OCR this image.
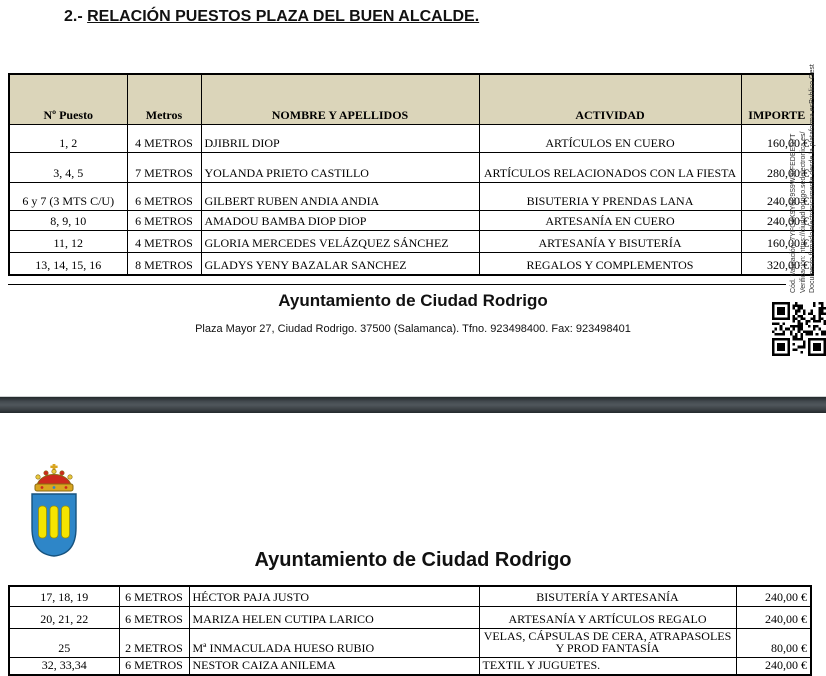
2.- RELACIÓN PUESTOS PLAZA DEL BUEN ALCALDE.
Nº Puesto	Metros	NOMBRE Y APELLIDOS	ACTIVIDAD	IMPORTE
1, 2	4 METROS	DJIBRIL DIOP	ARTÍCULOS EN CUERO	160,00 €
3, 4, 5	7 METROS	YOLANDA PRIETO CASTILLO	ARTÍCULOS RELACIONADOS CON LA FIESTA	280,00 €
6 y 7 (3 MTS C/U)	6 METROS	GILBERT RUBEN ANDIA ANDIA	BISUTERIA Y PRENDAS LANA	240,00 €
8, 9, 10	6 METROS	AMADOU BAMBA DIOP DIOP	ARTESANÍA EN CUERO	240,00 €
11, 12	4 METROS	GLORIA MERCEDES VELÁZQUEZ SÁNCHEZ	ARTESANÍA Y BISUTERÍA	160,00 €
13, 14, 15, 16	8 METROS	GLADYS YENY BAZALAR SANCHEZ	REGALOS Y COMPLEMENTOS	320,00 €
Ayuntamiento de Ciudad Rodrigo
Plaza Mayor 27, Ciudad Rodrigo. 37500 (Salamanca). Tfno. 923498400. Fax: 923498401
Cód. Validación: 7YFC4K9Y6C9S9WJ9FEDEER7T Verificación: https://ciudadrodrigo.sedelectronica.es/ Documento firmado electrónicamente desde la plataforma esPublico Gest
Ayuntamiento de Ciudad Rodrigo
17, 18, 19	6 METROS	HÉCTOR PAJA JUSTO	BISUTERÍA Y ARTESANÍA	240,00 €
20, 21, 22	6 METROS	MARIZA HELEN CUTIPA LARICO	ARTESANÍA Y ARTÍCULOS REGALO	240,00 €
25	2 METROS	Mª INMACULADA HUESO RUBIO	VELAS, CÁPSULAS DE CERA, ATRAPASOLES Y PROD FANTASÍA	80,00 €
32, 33,34	6 METROS	NESTOR CAIZA ANILEMA	TEXTIL Y JUGUETES.	240,00 €
